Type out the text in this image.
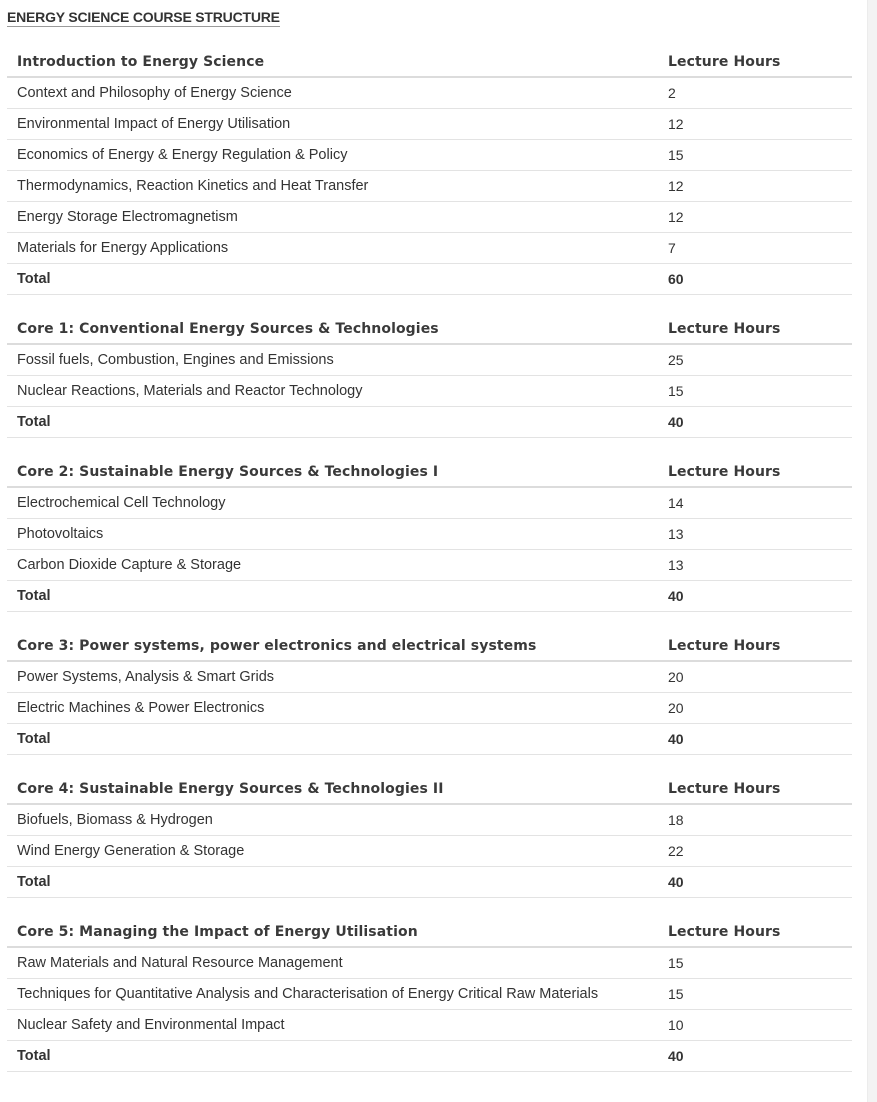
ENERGY SCIENCE COURSE STRUCTURE
Introduction to Energy Science	Lecture Hours
Context and Philosophy of Energy Science	2
Environmental Impact of Energy Utilisation	12
Economics of Energy & Energy Regulation & Policy	15
Thermodynamics, Reaction Kinetics and Heat Transfer	12
Energy Storage Electromagnetism	12
Materials for Energy Applications	7
Total	60
Core 1: Conventional Energy Sources & Technologies	Lecture Hours
Fossil fuels, Combustion, Engines and Emissions	25
Nuclear Reactions, Materials and Reactor Technology	15
Total	40
Core 2: Sustainable Energy Sources & Technologies I	Lecture Hours
Electrochemical Cell Technology	14
Photovoltaics	13
Carbon Dioxide Capture & Storage	13
Total	40
Core 3: Power systems, power electronics and electrical systems	Lecture Hours
Power Systems, Analysis & Smart Grids	20
Electric Machines & Power Electronics	20
Total	40
Core 4: Sustainable Energy Sources & Technologies II	Lecture Hours
Biofuels, Biomass & Hydrogen	18
Wind Energy Generation & Storage	22
Total	40
Core 5: Managing the Impact of Energy Utilisation	Lecture Hours
Raw Materials and Natural Resource Management	15
Techniques for Quantitative Analysis and Characterisation of Energy Critical Raw Materials	15
Nuclear Safety and Environmental Impact	10
Total	40
